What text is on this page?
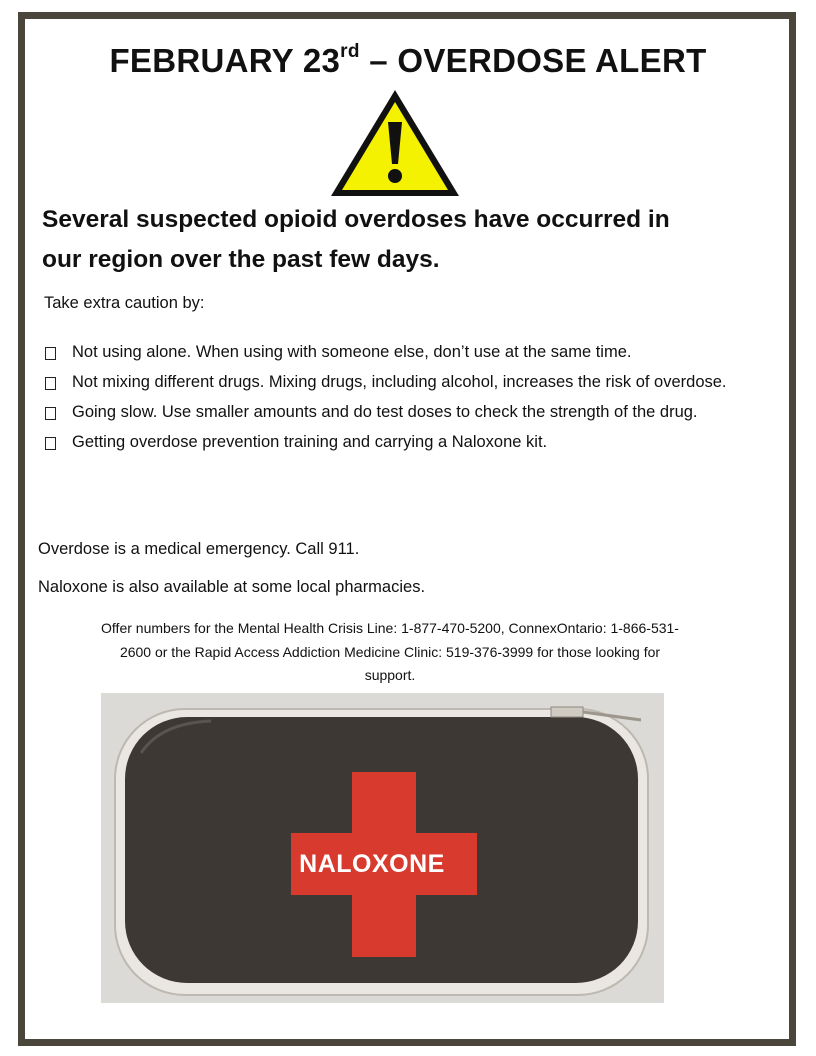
FEBRUARY 23rd – OVERDOSE ALERT
Several suspected opioid overdoses have occurred in
our region over the past few days.
Take extra caution by:
Not using alone. When using with someone else, don’t use at the same time.
Not mixing different drugs. Mixing drugs, including alcohol, increases the risk of overdose.
Going slow. Use smaller amounts and do test doses to check the strength of the drug.
Getting overdose prevention training and carrying a Naloxone kit.
Overdose is a medical emergency. Call 911.
Naloxone is also available at some local pharmacies.
Offer numbers for the Mental Health Crisis Line: 1-877-470-5200, ConnexOntario: 1-866-531-
2600 or the Rapid Access Addiction Medicine Clinic: 519-376-3999 for those looking for
support.
NALOXONE
